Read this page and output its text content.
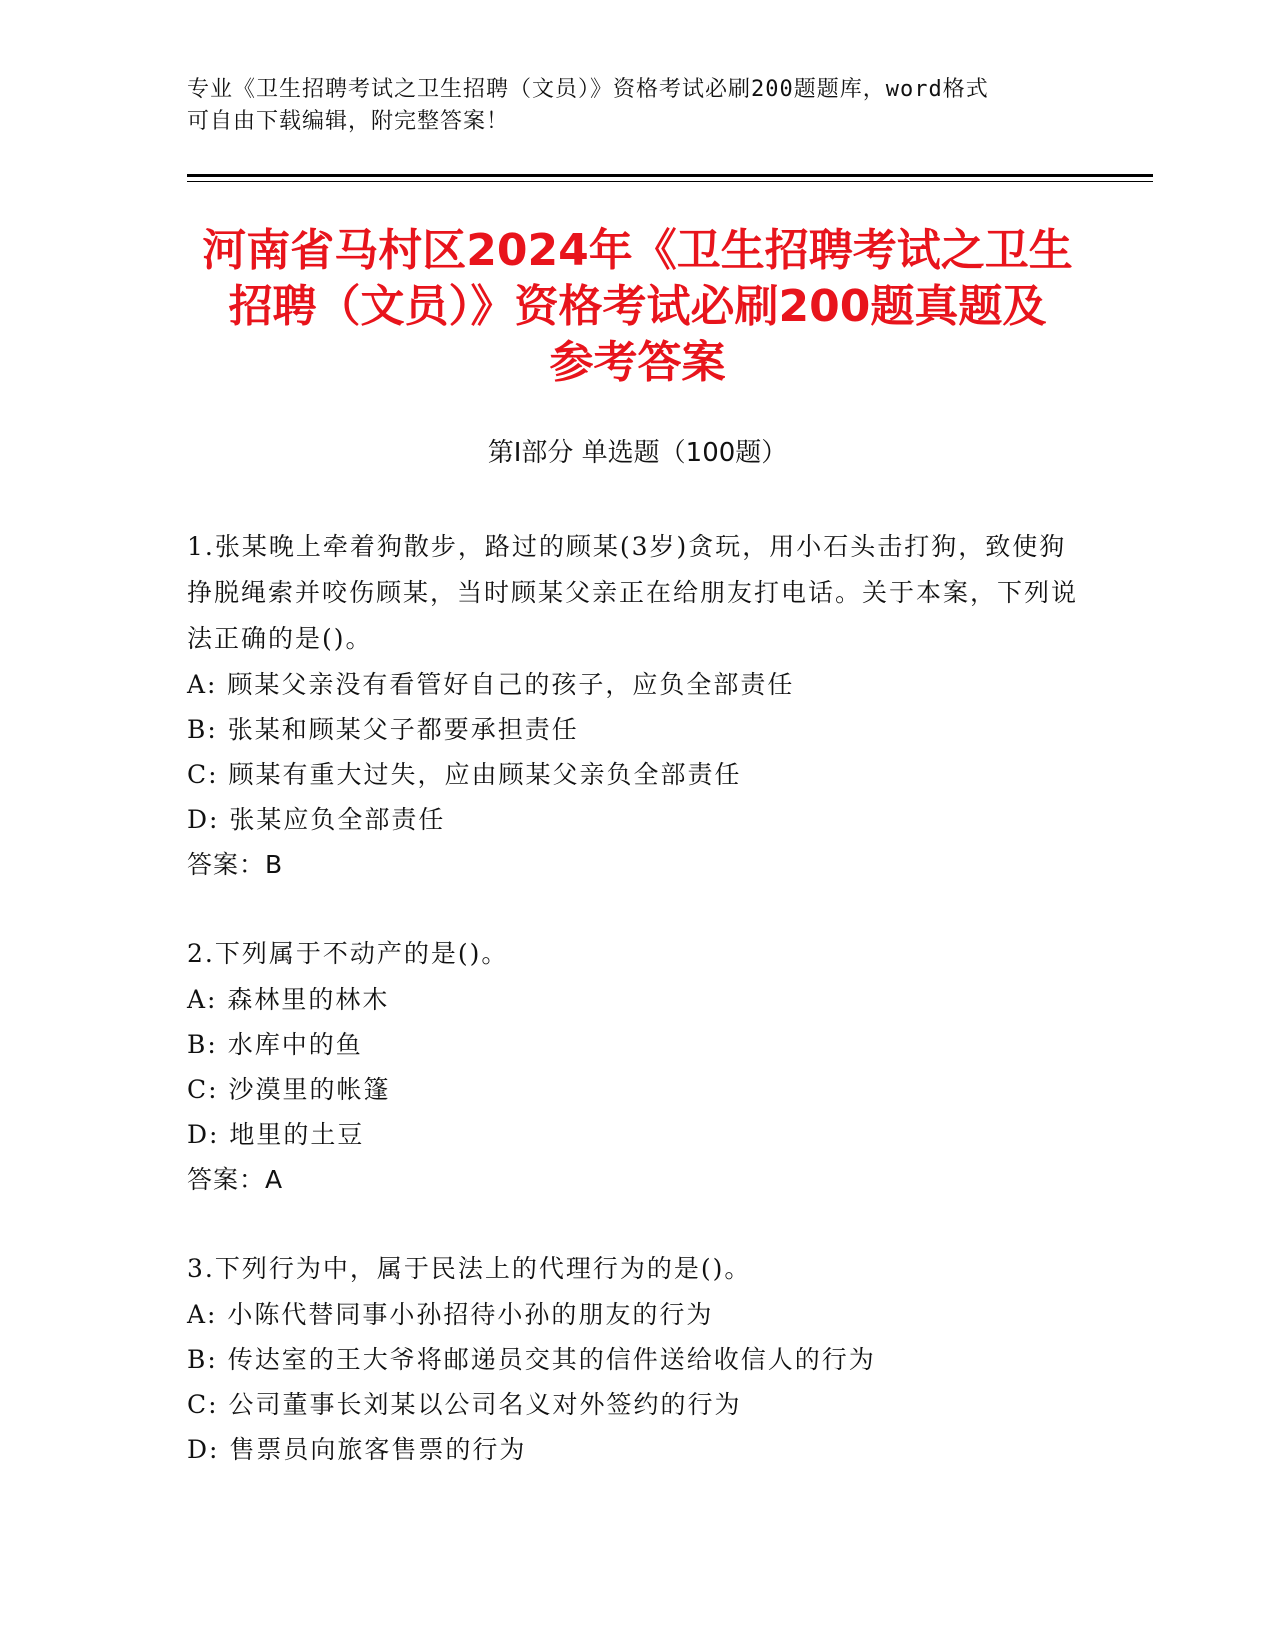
专业《卫生招聘考试之卫生招聘（文员）》资格考试必刷200题题库，word格式
可自由下载编辑，附完整答案！
河南省马村区2024年《卫生招聘考试之卫生
招聘（文员）》资格考试必刷200题真题及
参考答案
第Ⅰ部分 单选题（100题）
1.张某晚上牵着狗散步，路过的顾某(3岁)贪玩，用小石头击打狗，致使狗挣脱绳索并咬伤顾某，当时顾某父亲正在给朋友打电话。关于本案，下列说法正确的是()。
A: 顾某父亲没有看管好自己的孩子，应负全部责任
B: 张某和顾某父子都要承担责任
C: 顾某有重大过失，应由顾某父亲负全部责任
D: 张某应负全部责任
答案：B
2.下列属于不动产的是()。
A: 森林里的林木
B: 水库中的鱼
C: 沙漠里的帐篷
D: 地里的土豆
答案：A
3.下列行为中，属于民法上的代理行为的是()。
A: 小陈代替同事小孙招待小孙的朋友的行为
B: 传达室的王大爷将邮递员交其的信件送给收信人的行为
C: 公司董事长刘某以公司名义对外签约的行为
D: 售票员向旅客售票的行为
